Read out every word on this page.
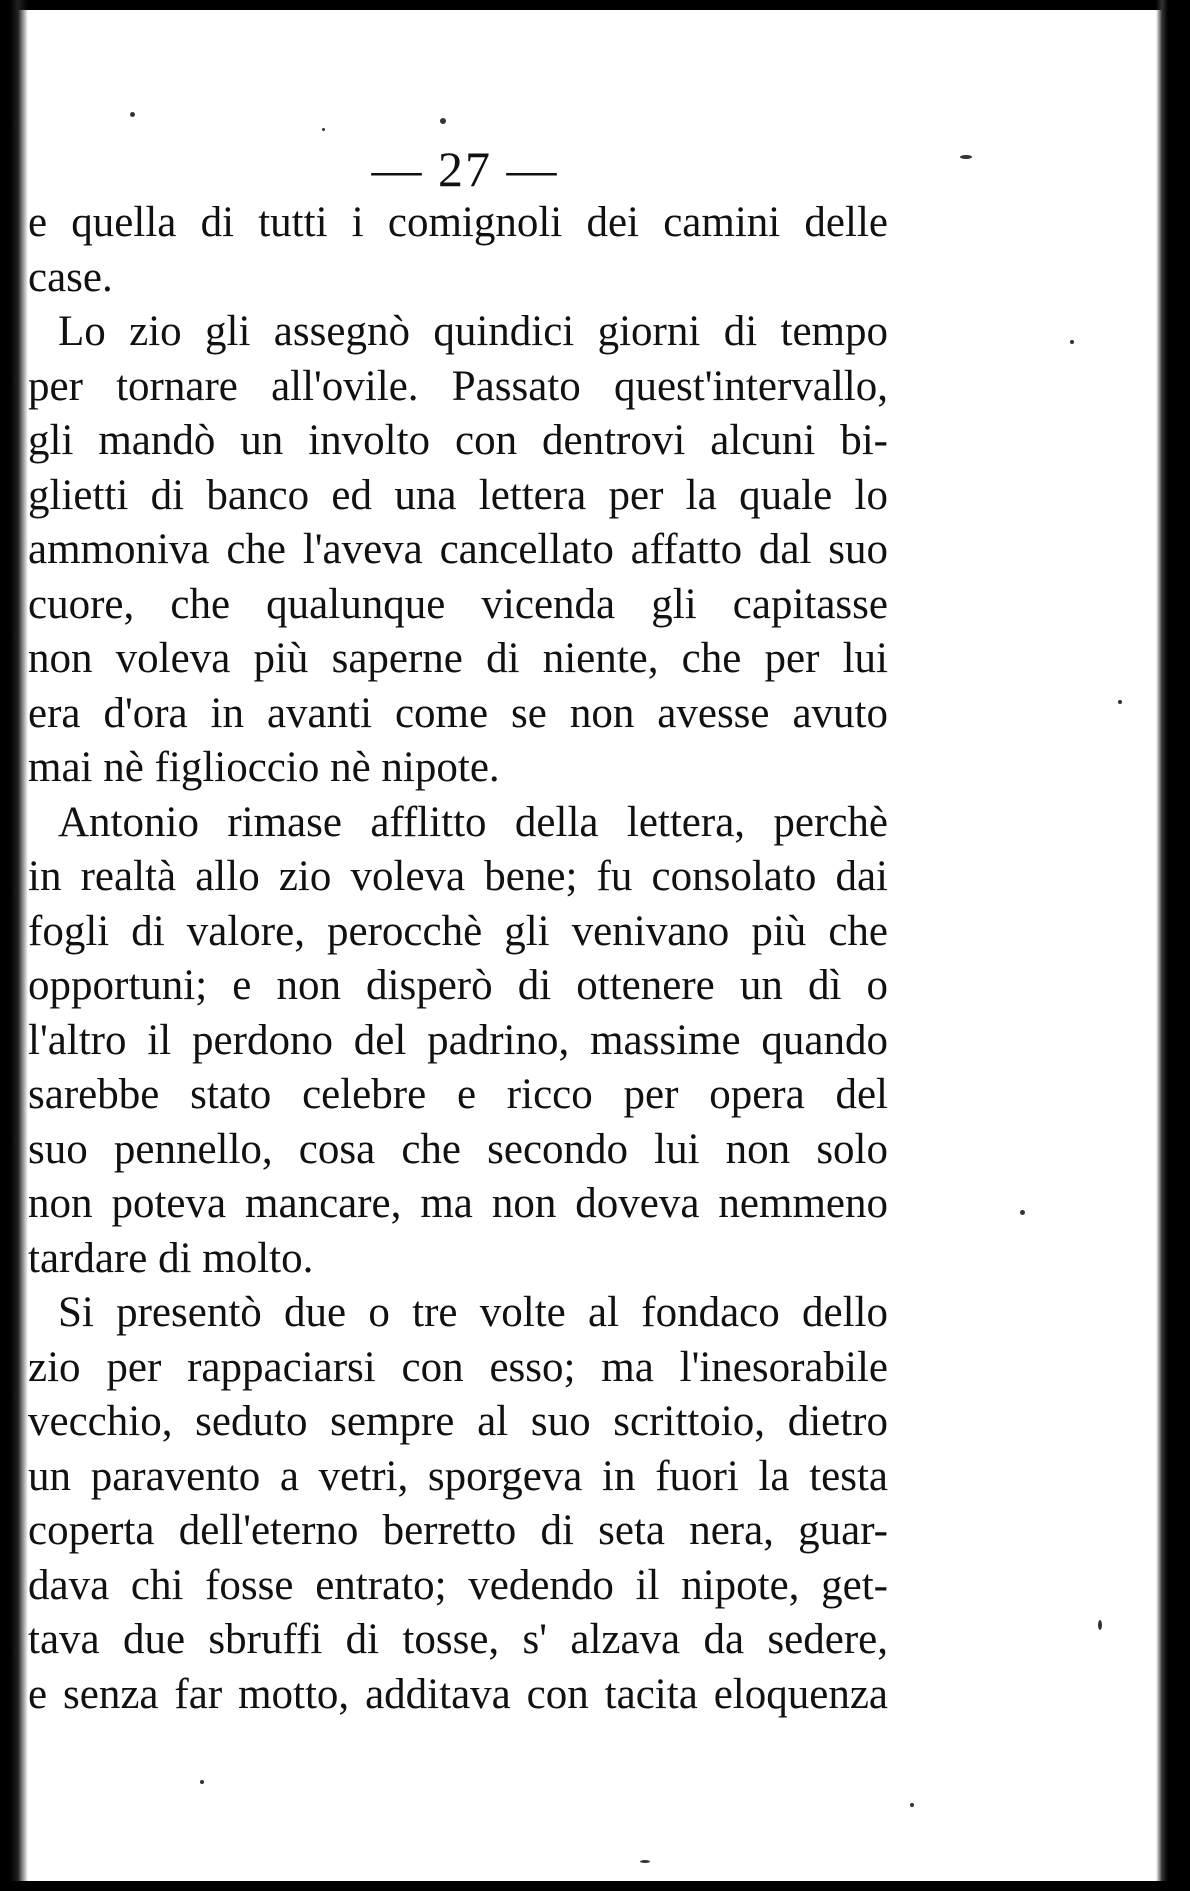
— 27 —
e quella di tutti i comignoli dei camini delle
case.
Lo zio gli assegnò quindici giorni di tempo
per tornare all'ovile. Passato quest'intervallo,
gli mandò un involto con dentrovi alcuni bi-
glietti di banco ed una lettera per la quale lo
ammoniva che l'aveva cancellato affatto dal suo
cuore, che qualunque vicenda gli capitasse
non voleva più saperne di niente, che per lui
era d'ora in avanti come se non avesse avuto
mai nè figlioccio nè nipote.
Antonio rimase afflitto della lettera, perchè
in realtà allo zio voleva bene; fu consolato dai
fogli di valore, perocchè gli venivano più che
opportuni; e non disperò di ottenere un dì o
l'altro il perdono del padrino, massime quando
sarebbe stato celebre e ricco per opera del
suo pennello, cosa che secondo lui non solo
non poteva mancare, ma non doveva nemmeno
tardare di molto.
Si presentò due o tre volte al fondaco dello
zio per rappaciarsi con esso; ma l'inesorabile
vecchio, seduto sempre al suo scrittoio, dietro
un paravento a vetri, sporgeva in fuori la testa
coperta dell'eterno berretto di seta nera, guar-
dava chi fosse entrato; vedendo il nipote, get-
tava due sbruffi di tosse, s' alzava da sedere,
e senza far motto, additava con tacita eloquenza
